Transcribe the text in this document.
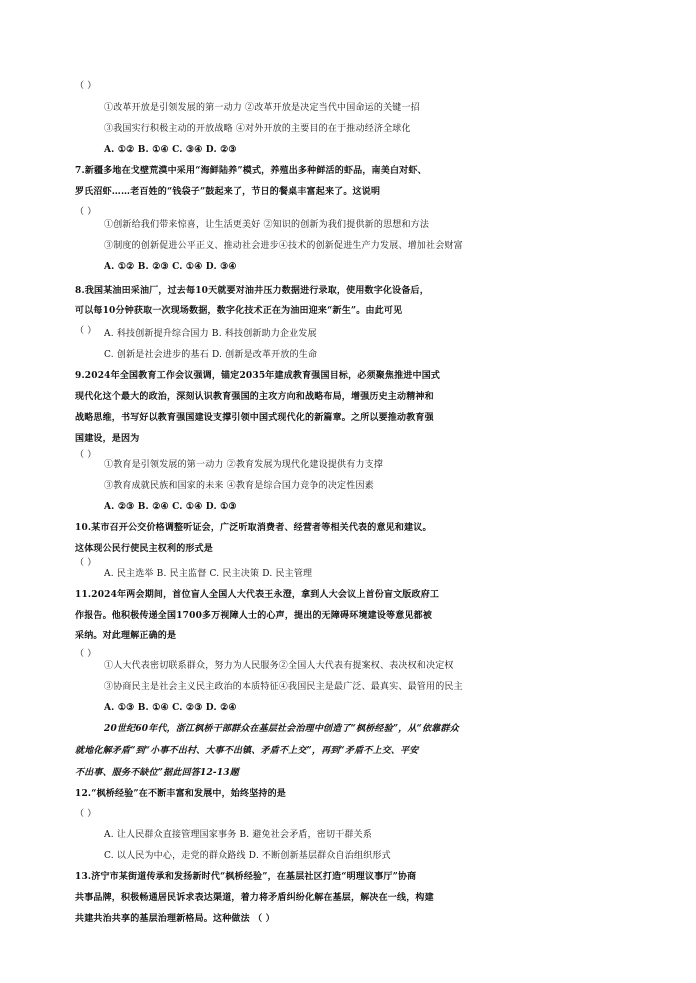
（ ）
①改革开放是引领发展的第一动力 ②改革开放是决定当代中国命运的关键一招
③我国实行积极主动的开放战略 ④对外开放的主要目的在于推动经济全球化
A. ①② B. ①④ C. ③④ D. ②③
7.新疆多地在戈壁荒漠中采用“海鲜陆养”模式，养殖出多种鲜活的虾品，南美白对虾、
罗氏沼虾……老百姓的“钱袋子”鼓起来了，节日的餐桌丰富起来了。这说明
（ ）
①创新给我们带来惊喜，让生活更美好 ②知识的创新为我们提供新的思想和方法
③制度的创新促进公平正义、推动社会进步④技术的创新促进生产力发展、增加社会财富
A. ①② B. ②③ C. ①④ D. ③④
8.我国某油田采油厂，过去每10天就要对油井压力数据进行录取，使用数字化设备后，
可以每10分钟获取一次现场数据，数字化技术正在为油田迎来“新生”。由此可见
（ ） A. 科技创新提升综合国力 B. 科技创新助力企业发展
C. 创新是社会进步的基石 D. 创新是改革开放的生命
9.2024年全国教育工作会议强调，锚定2035年建成教育强国目标，必须聚焦推进中国式
现代化这个最大的政治，深刻认识教育强国的主攻方向和战略布局，增强历史主动精神和
战略思维，书写好以教育强国建设支撑引领中国式现代化的新篇章。之所以要推动教育强
国建设，是因为
（ ）
①教育是引领发展的第一动力 ②教育发展为现代化建设提供有力支撑
③教育成就民族和国家的未来 ④教育是综合国力竞争的决定性因素
A. ②③ B. ②④ C. ①④ D. ①③
10.某市召开公交价格调整听证会，广泛听取消费者、经营者等相关代表的意见和建议。
这体现公民行使民主权利的形式是
（ ）
A. 民主选举 B. 民主监督 C. 民主决策 D. 民主管理
11.2024年两会期间，首位盲人全国人大代表王永澄，拿到人大会议上首份盲文版政府工
作报告。他积极传递全国1700多万视障人士的心声，提出的无障碍环境建设等意见都被
采纳。对此理解正确的是
（ ）
①人大代表密切联系群众，努力为人民服务②全国人大代表有提案权、表决权和决定权
③协商民主是社会主义民主政治的本质特征④我国民主是最广泛、最真实、最管用的民主
A. ①③ B. ①④ C. ②③ D. ②④
20世纪60年代，浙江枫桥干部群众在基层社会治理中创造了“枫桥经验”，从“依靠群众
就地化解矛盾”到“小事不出村、大事不出镇、矛盾不上交”，再到“矛盾不上交、平安
不出事、服务不缺位”据此回答12-13题
12.“枫桥经验”在不断丰富和发展中，始终坚持的是
（ ）
A. 让人民群众直接管理国家事务 B. 避免社会矛盾，密切干群关系
C. 以人民为中心，走党的群众路线 D. 不断创新基层群众自治组织形式
13.济宁市某街道传承和发扬新时代“枫桥经验”，在基层社区打造“明理议事厅”协商
共事品牌，积极畅通居民诉求表达渠道，着力将矛盾纠纷化解在基层，解决在一线，构建
共建共治共享的基层治理新格局。这种做法 （ ）
